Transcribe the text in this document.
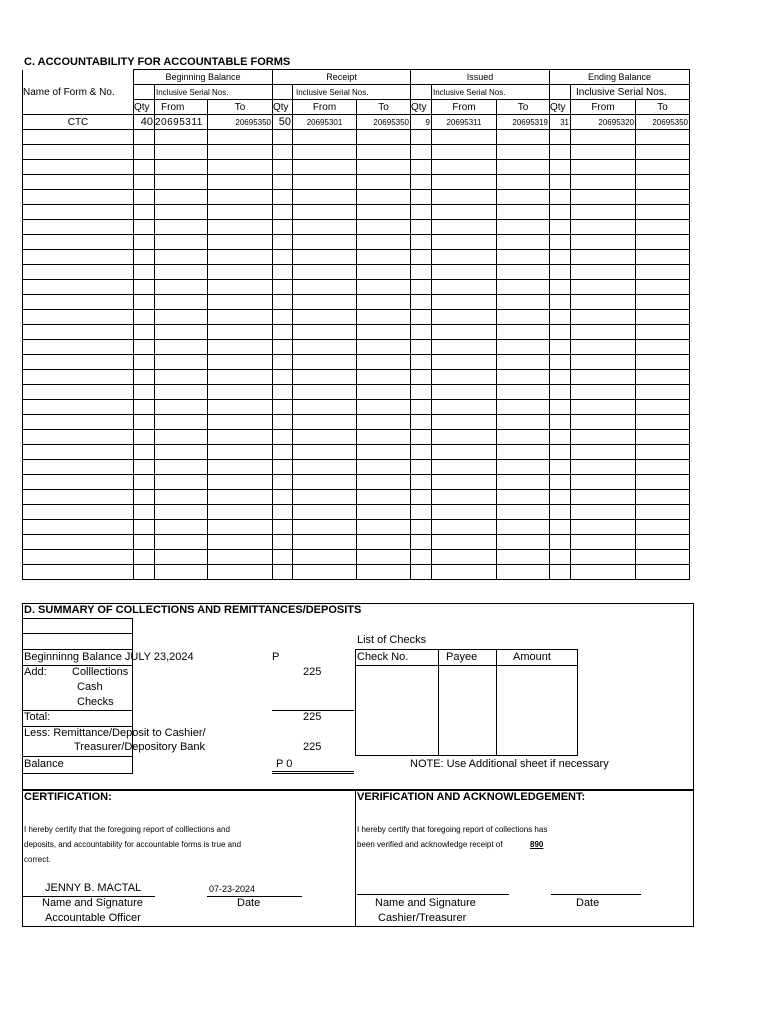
C. ACCOUNTABILITY FOR ACCOUNTABLE FORMS
	Beginning Balance			Receipt			Issued			Ending Balance		
Name of Form & No.		Inclusive Serial Nos.			Inclusive Serial Nos.			Inclusive Serial Nos.			Inclusive Serial Nos.	
	Qty	From	To	Qty	From	To	Qty	From	To	Qty	From	To
CTC	40	20695311	20695350	50	20695301	20695350	9	20695311	20695319	31	20695320	20695350

D. SUMMARY OF COLLECTIONS AND REMITTANCES/DEPOSITS
Beginninng Balance JULY 23,2024	P
Add: Colllections	225
Cash
Checks
Total:	225
Less: Remittance/Deposit to Cashier/
Treasurer/Depository Bank	225
Balance	P 0
List of Checks
Check No.	Payee	Amount
NOTE: Use Additional sheet if necessary
CERTIFICATION:
I hereby certify that the foregoing report of colllections and
deposits, and accountability for accountable forms is true and
correct.
JENNY B. MACTAL	07-23-2024
Name and Signature	Date
Accountable Officer
VERIFICATION AND ACKNOWLEDGEMENT:
I hereby certify that foregoing report of collections has
been verified and acknowledge receipt of	890
Name and Signature	Date
Cashier/Treasurer
